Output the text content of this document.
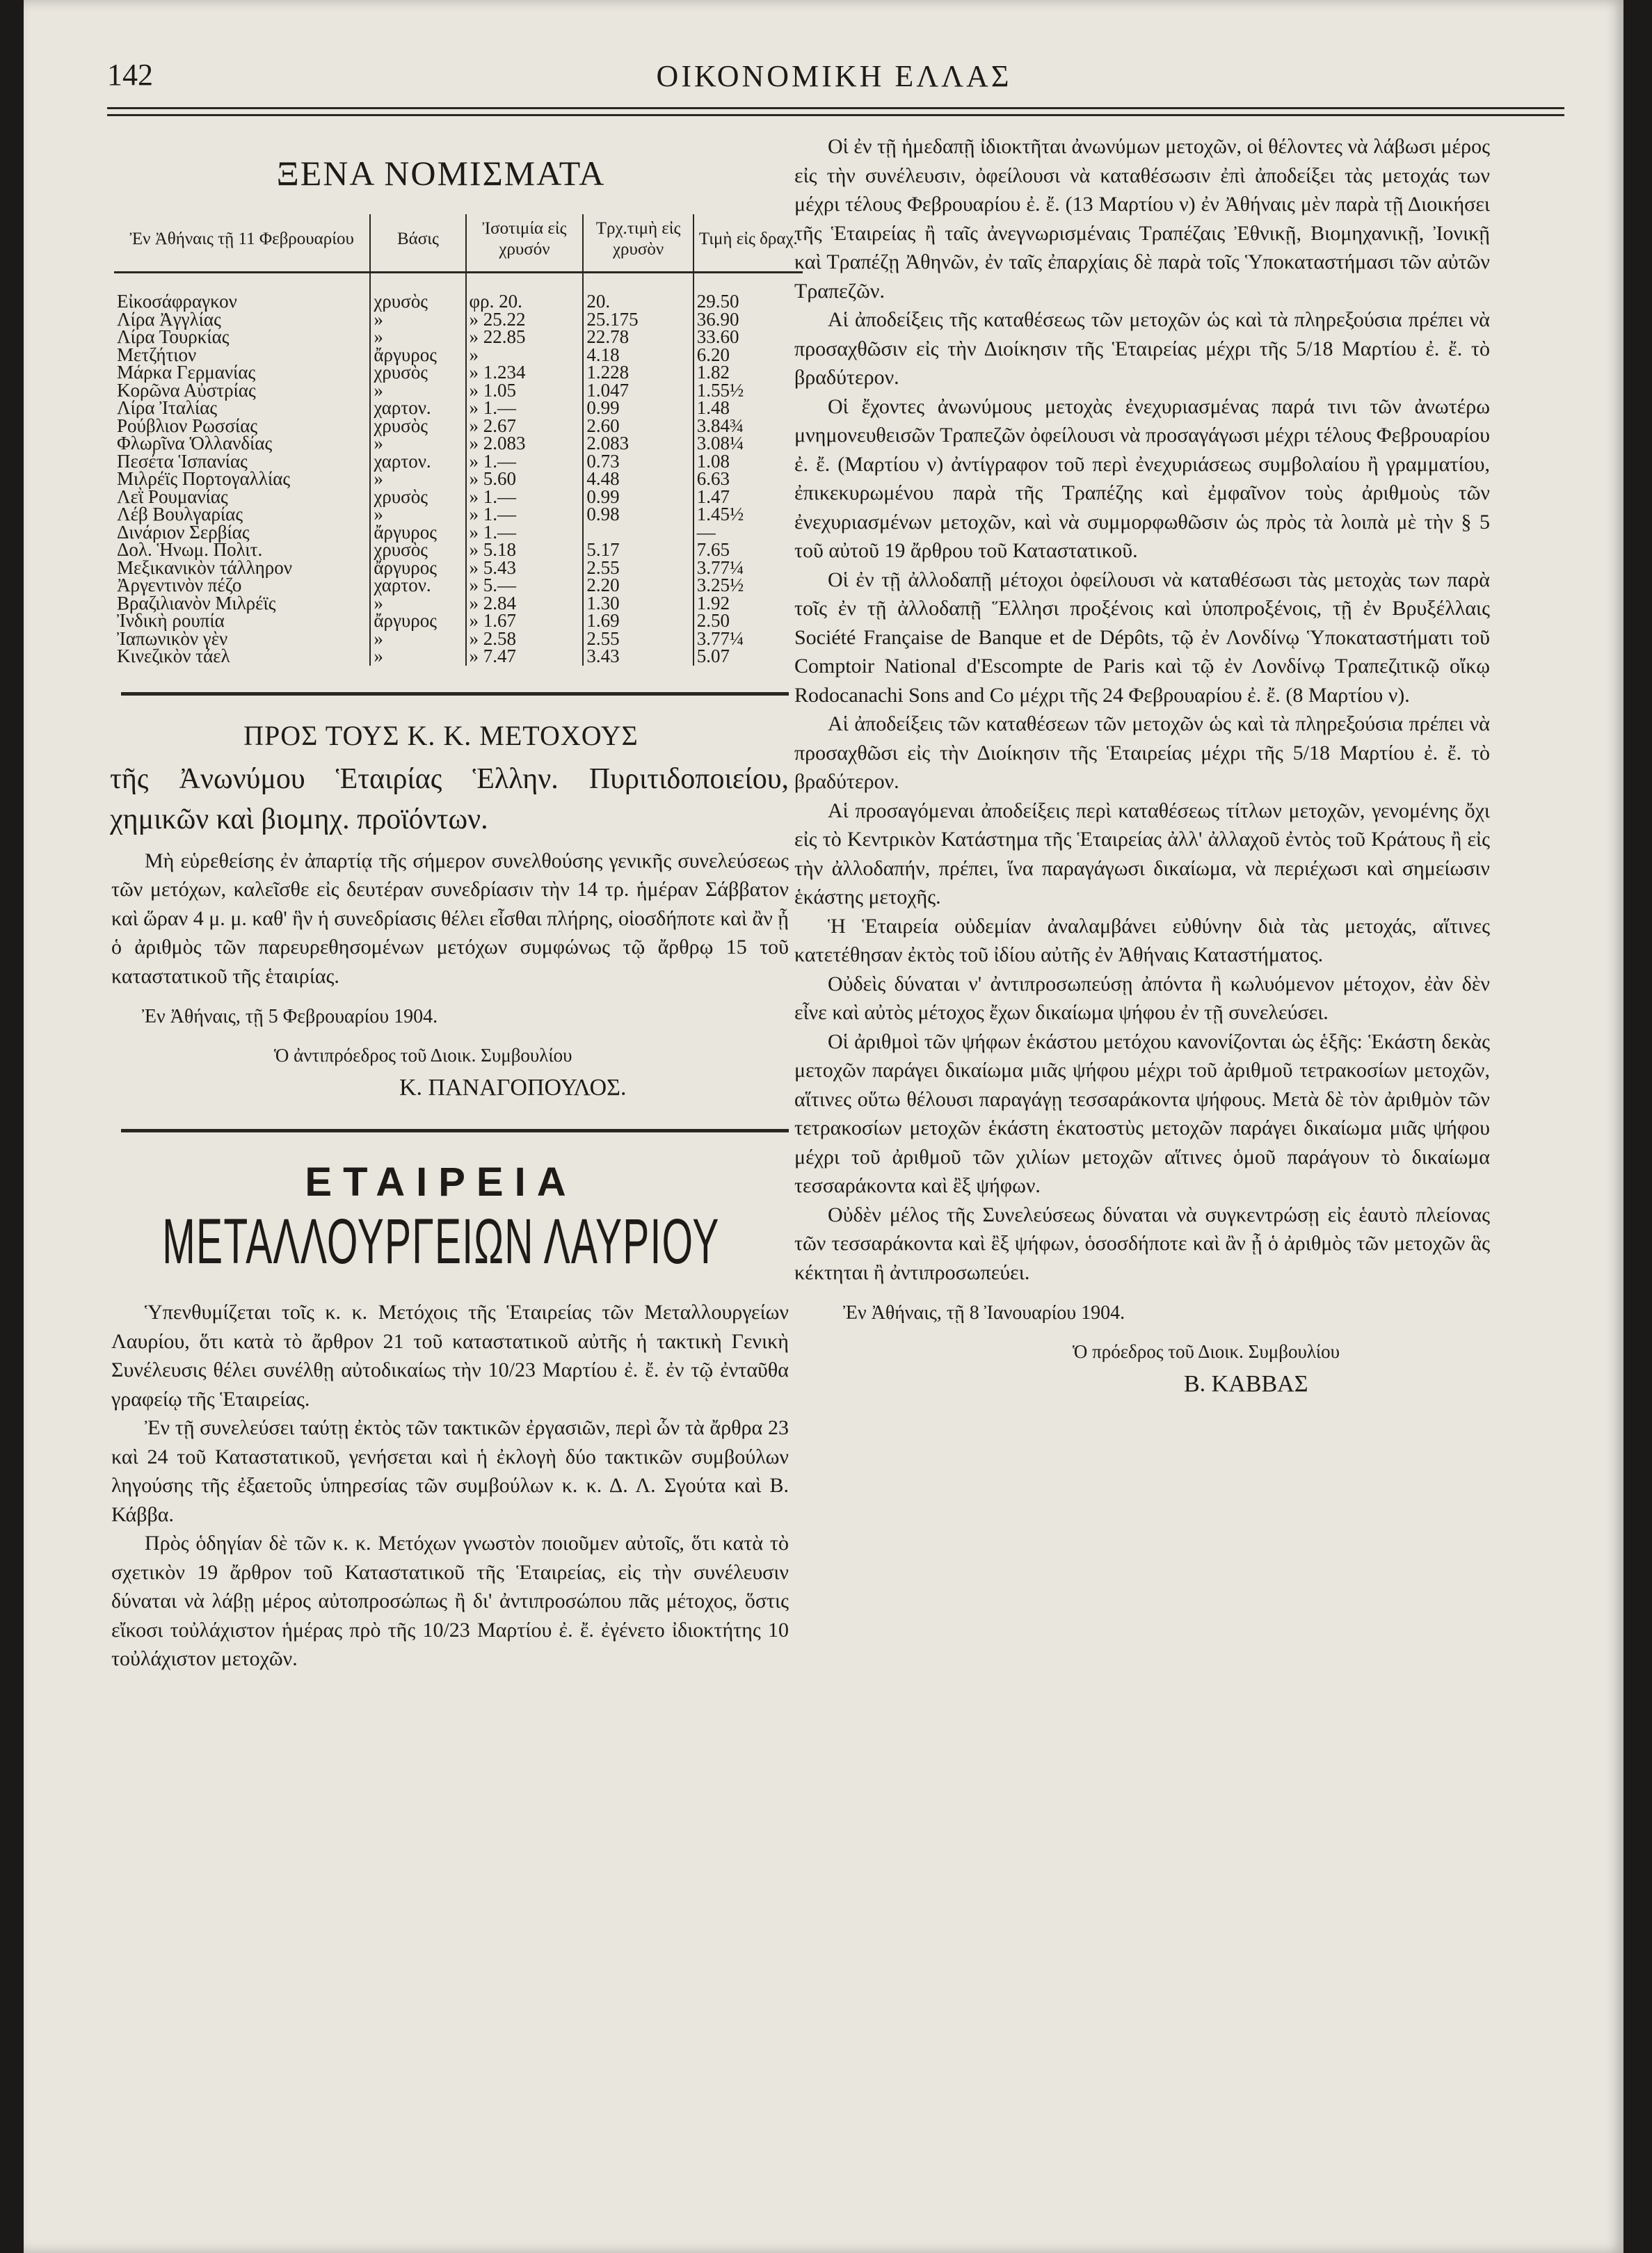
142	ΟΙΚΟΝΟΜΙΚΗ ΕΛΛΑΣ
ΞΕΝΑ ΝΟΜΙΣΜΑΤΑ
Ἐν Ἀθήναις τῇ 11 Φεβρουαρίου	Βάσις	Ἰσοτιμία εἰς χρυσόν	Τρχ.τιμὴ εἰς χρυσὸν	Τιμὴ εἰς δραχ.
Εἰκοσάφραγκον	χρυσὸς	φρ. 20.	20.	29.50
Λίρα Ἀγγλίας	»	» 25.22	25.175	36.90
Λίρα Τουρκίας	»	» 22.85	22.78	33.60
Μετζήτιον	ἄργυρος	»	4.18	6.20
Μάρκα Γερμανίας	χρυσὸς	» 1.234	1.228	1.82
Κορῶνα Αὐστρίας	»	» 1.05	1.047	1.55½
Λίρα Ἰταλίας	χαρτον.	» 1.—	0.99	1.48
Ρούβλιον Ρωσσίας	χρυσὸς	» 2.67	2.60	3.84¾
Φλωρῖνα Ὁλλανδίας	»	» 2.083	2.083	3.08¼
Πεσέτα Ἱσπανίας	χαρτον.	» 1.—	0.73	1.08
Μιλρέϊς Πορτογαλλίας	»	» 5.60	4.48	6.63
Λεῒ Ρουμανίας	χρυσὸς	» 1.—	0.99	1.47
Λέβ Βουλγαρίας	»	» 1.—	0.98	1.45½
Δινάριον Σερβίας	ἄργυρος	» 1.—		—
Δολ. Ἡνωμ. Πολιτ.	χρυσὸς	» 5.18	5.17	7.65
Μεξικανικὸν τάλληρον	ἄργυρος	» 5.43	2.55	3.77¼
Ἀργεντινὸν πέζο	χαρτον.	» 5.—	2.20	3.25½
Βραζιλιανὸν Μιλρέϊς	»	» 2.84	1.30	1.92
Ἰνδικὴ ρουπία	ἄργυρος	» 1.67	1.69	2.50
Ἰαπωνικὸν γὲν	»	» 2.58	2.55	3.77¼
Κινεζικὸν τάελ	»	» 7.47	3.43	5.07
ΠΡΟΣ ΤΟΥΣ Κ. Κ. ΜΕΤΟΧΟΥΣ
τῆς Ἀνωνύμου Ἑταιρίας Ἑλλην. Πυριτιδοποιείου, χημικῶν καὶ βιομηχ. προϊόντων.

Μὴ εὑρεθείσης ἐν ἀπαρτίᾳ τῆς σήμερον συνελθούσης γενικῆς συνελεύσεως τῶν μετόχων, καλεῖσθε εἰς δευτέραν συνεδρίασιν τὴν 14 τρ. ἡμέραν Σάββατον καὶ ὥραν 4 μ. μ. καθ' ἣν ἡ συνεδρίασις θέλει εἶσθαι πλήρης, οἱοσδήποτε καὶ ἂν ᾖ ὁ ἀριθμὸς τῶν παρευρεθησομένων μετόχων συμφώνως τῷ ἄρθρῳ 15 τοῦ καταστατικοῦ τῆς ἑταιρίας.

Ἐν Ἀθήναις, τῇ 5 Φεβρουαρίου 1904.
Ὁ ἀντιπρόεδρος τοῦ Διοικ. Συμβουλίου
Κ. ΠΑΝΑΓΟΠΟΥΛΟΣ.
ΕΤΑΙΡΕΙΑ
ΜΕΤΑΛΛΟΥΡΓΕΙΩΝ ΛΑΥΡΙΟΥ

Ὑπενθυμίζεται τοῖς κ. κ. Μετόχοις τῆς Ἑταιρείας τῶν Μεταλλουργείων Λαυρίου, ὅτι κατὰ τὸ ἄρθρον 21 τοῦ καταστατικοῦ αὐτῆς ἡ τακτικὴ Γενικὴ Συνέλευσις θέλει συνέλθῃ αὐτοδικαίως τὴν 10/23 Μαρτίου ἐ. ἔ. ἐν τῷ ἐνταῦθα γραφείῳ τῆς Ἑταιρείας.

Ἐν τῇ συνελεύσει ταύτῃ ἐκτὸς τῶν τακτικῶν ἐργασιῶν, περὶ ὧν τὰ ἄρθρα 23 καὶ 24 τοῦ Καταστατικοῦ, γενήσεται καὶ ἡ ἐκλογὴ δύο τακτικῶν συμβούλων ληγούσης τῆς ἐξαετοῦς ὑπηρεσίας τῶν συμβούλων κ. κ. Δ. Λ. Σγούτα καὶ Β. Κάββα.

Πρὸς ὁδηγίαν δὲ τῶν κ. κ. Μετόχων γνωστὸν ποιοῦμεν αὐτοῖς, ὅτι κατὰ τὸ σχετικὸν 19 ἄρθρον τοῦ Καταστατικοῦ τῆς Ἑταιρείας, εἰς τὴν συνέλευσιν δύναται νὰ λάβῃ μέρος αὐτοπροσώπως ἢ δι' ἀντιπροσώπου πᾶς μέτοχος, ὅστις εἴκοσι τοὐλάχιστον ἡμέρας πρὸ τῆς 10/23 Μαρτίου ἐ. ἔ. ἐγένετο ἰδιοκτήτης 10 τοὐλάχιστον μετοχῶν.

Οἱ ἐν τῇ ἡμεδαπῇ ἰδιοκτῆται ἀνωνύμων μετοχῶν, οἱ θέλοντες νὰ λάβωσι μέρος εἰς τὴν συνέλευσιν, ὀφείλουσι νὰ καταθέσωσιν ἐπὶ ἀποδείξει τὰς μετοχάς των μέχρι τέλους Φεβρουαρίου ἐ. ἔ. (13 Μαρτίου ν) ἐν Ἀθήναις μὲν παρὰ τῇ Διοικήσει τῆς Ἑταιρείας ἢ ταῖς ἀνεγνωρισμέναις Τραπέζαις Ἐθνικῇ, Βιομηχανικῇ, Ἰονικῇ καὶ Τραπέζῃ Ἀθηνῶν, ἐν ταῖς ἐπαρχίαις δὲ παρὰ τοῖς Ὑποκαταστήμασι τῶν αὐτῶν Τραπεζῶν.

Αἱ ἀποδείξεις τῆς καταθέσεως τῶν μετοχῶν ὡς καὶ τὰ πληρεξούσια πρέπει νὰ προσαχθῶσιν εἰς τὴν Διοίκησιν τῆς Ἑταιρείας μέχρι τῆς 5/18 Μαρτίου ἐ. ἔ. τὸ βραδύτερον.

Οἱ ἔχοντες ἀνωνύμους μετοχὰς ἐνεχυριασμένας παρά τινι τῶν ἀνωτέρω μνημονευθεισῶν Τραπεζῶν ὀφείλουσι νὰ προσαγάγωσι μέχρι τέλους Φεβρουαρίου ἐ. ἔ. (Μαρτίου ν) ἀντίγραφον τοῦ περὶ ἐνεχυριάσεως συμβολαίου ἢ γραμματίου, ἐπικεκυρωμένου παρὰ τῆς Τραπέζης καὶ ἐμφαῖνον τοὺς ἀριθμοὺς τῶν ἐνεχυριασμένων μετοχῶν, καὶ νὰ συμμορφωθῶσιν ὡς πρὸς τὰ λοιπὰ μὲ τὴν § 5 τοῦ αὐτοῦ 19 ἄρθρου τοῦ Καταστατικοῦ.

Οἱ ἐν τῇ ἀλλοδαπῇ μέτοχοι ὀφείλουσι νὰ καταθέσωσι τὰς μετοχὰς των παρὰ τοῖς ἐν τῇ ἀλλοδαπῇ Ἕλλησι προξένοις καὶ ὑποπροξένοις, τῇ ἐν Βρυξέλλαις Société Française de Banque et de Dépôts, τῷ ἐν Λονδίνῳ Ὑποκαταστήματι τοῦ Comptoir National d'Escompte de Paris καὶ τῷ ἐν Λονδίνῳ Τραπεζιτικῷ οἴκῳ Rodocanachi Sons and Co μέχρι τῆς 24 Φεβρουαρίου ἐ. ἔ. (8 Μαρτίου ν).

Αἱ ἀποδείξεις τῶν καταθέσεων τῶν μετοχῶν ὡς καὶ τὰ πληρεξούσια πρέπει νὰ προσαχθῶσι εἰς τὴν Διοίκησιν τῆς Ἑταιρείας μέχρι τῆς 5/18 Μαρτίου ἐ. ἔ. τὸ βραδύτερον.

Αἱ προσαγόμεναι ἀποδείξεις περὶ καταθέσεως τίτλων μετοχῶν, γενομένης ὄχι εἰς τὸ Κεντρικὸν Κατάστημα τῆς Ἑταιρείας ἀλλ' ἀλλαχοῦ ἐντὸς τοῦ Κράτους ἢ εἰς τὴν ἀλλοδαπήν, πρέπει, ἵνα παραγάγωσι δικαίωμα, νὰ περιέχωσι καὶ σημείωσιν ἑκάστης μετοχῆς.

Ἡ Ἑταιρεία οὐδεμίαν ἀναλαμβάνει εὐθύνην διὰ τὰς μετοχάς, αἵτινες κατετέθησαν ἐκτὸς τοῦ ἰδίου αὐτῆς ἐν Ἀθήναις Καταστήματος.

Οὐδεὶς δύναται ν' ἀντιπροσωπεύσῃ ἀπόντα ἢ κωλυόμενον μέτοχον, ἐὰν δὲν εἶνε καὶ αὐτὸς μέτοχος ἔχων δικαίωμα ψήφου ἐν τῇ συνελεύσει.

Οἱ ἀριθμοὶ τῶν ψήφων ἑκάστου μετόχου κανονίζονται ὡς ἑξῆς: Ἑκάστη δεκὰς μετοχῶν παράγει δικαίωμα μιᾶς ψήφου μέχρι τοῦ ἀριθμοῦ τετρακοσίων μετοχῶν, αἵτινες οὕτω θέλουσι παραγάγῃ τεσσαράκοντα ψήφους. Μετὰ δὲ τὸν ἀριθμὸν τῶν τετρακοσίων μετοχῶν ἑκάστη ἑκατοστὺς μετοχῶν παράγει δικαίωμα μιᾶς ψήφου μέχρι τοῦ ἀριθμοῦ τῶν χιλίων μετοχῶν αἵτινες ὁμοῦ παράγουν τὸ δικαίωμα τεσσαράκοντα καὶ ἒξ ψήφων.

Οὐδὲν μέλος τῆς Συνελεύσεως δύναται νὰ συγκεντρώσῃ εἰς ἑαυτὸ πλείονας τῶν τεσσαράκοντα καὶ ἒξ ψήφων, ὁσοσδήποτε καὶ ἂν ᾖ ὁ ἀριθμὸς τῶν μετοχῶν ἃς κέκτηται ἢ ἀντιπροσωπεύει.

Ἐν Ἀθήναις, τῇ 8 Ἰανουαρίου 1904.
Ὁ πρόεδρος τοῦ Διοικ. Συμβουλίου
Β. ΚΑΒΒΑΣ
